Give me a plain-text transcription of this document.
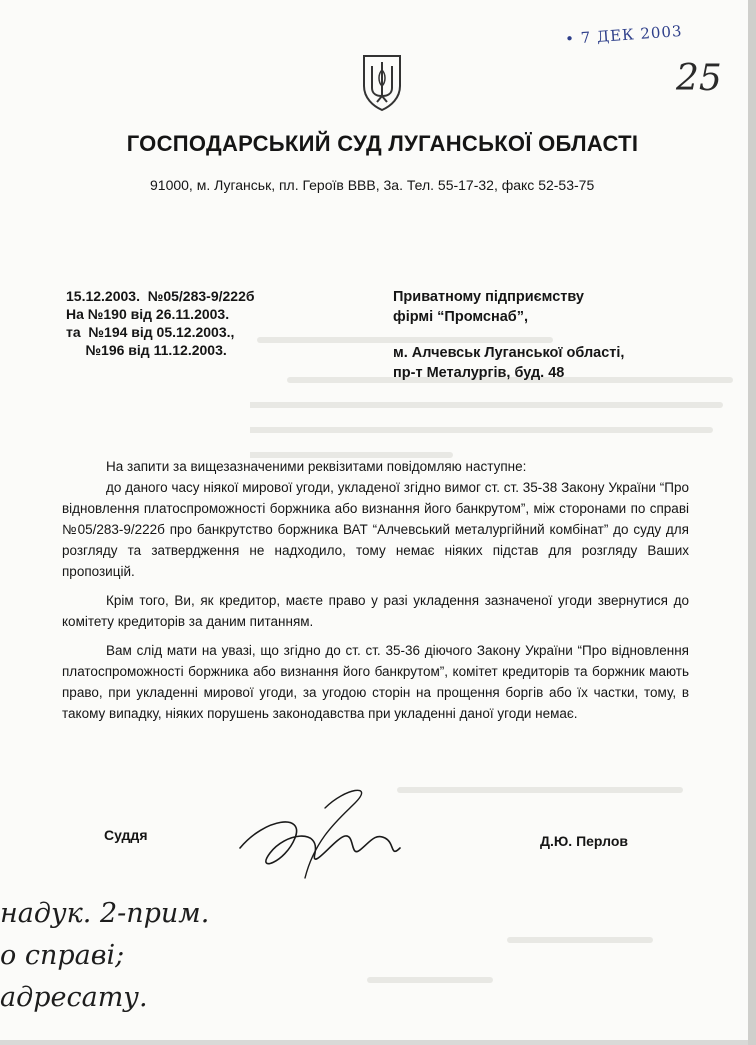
• 7 ДЕК 2003
25
ГОСПОДАРСЬКИЙ СУД ЛУГАНСЬКОЇ ОБЛАСТІ
91000, м. Луганськ, пл. Героїв ВВВ, 3а. Тел. 55-17-32, факс 52-53-75
15.12.2003.  №05/283-9/222б
На №190 від 26.11.2003.
та  №194 від 05.12.2003.,
№196 від 11.12.2003.
Приватному підприємству
фірмі “Промснаб”,
м. Алчевськ Луганської області,
пр-т Металургів, буд. 48

На запити за вищезазначеними реквізитами повідомляю наступне:

до даного часу ніякої мирової угоди, укладеної згідно вимог ст. ст. 35-38 Закону України “Про відновлення платоспроможності боржника або визнання його банкрутом”, між сторонами по справі №05/283-9/222б про банкрутство боржника ВАТ “Алчевський металургійний комбінат” до суду для розгляду та затвердження не надходило, тому немає ніяких підстав для розгляду Ваших пропозицій.

Крім того, Ви, як кредитор, маєте право у разі укладення зазначеної угоди звернутися до комітету кредиторів за даним питанням.

Вам слід мати на увазі, що згідно до ст. ст. 35-36 діючого Закону України “Про відновлення платоспроможності боржника або визнання його банкрутом”, комітет кредиторів та боржник мають право, при укладенні мирової угоди, за угодою сторін на прощення боргів або їх частки, тому, в такому випадку, ніяких порушень законодавства при укладенні даної угоди немає.

Суддя	Д.Ю. Перлов
надук. 2-прим.
о справі;
адресату.
